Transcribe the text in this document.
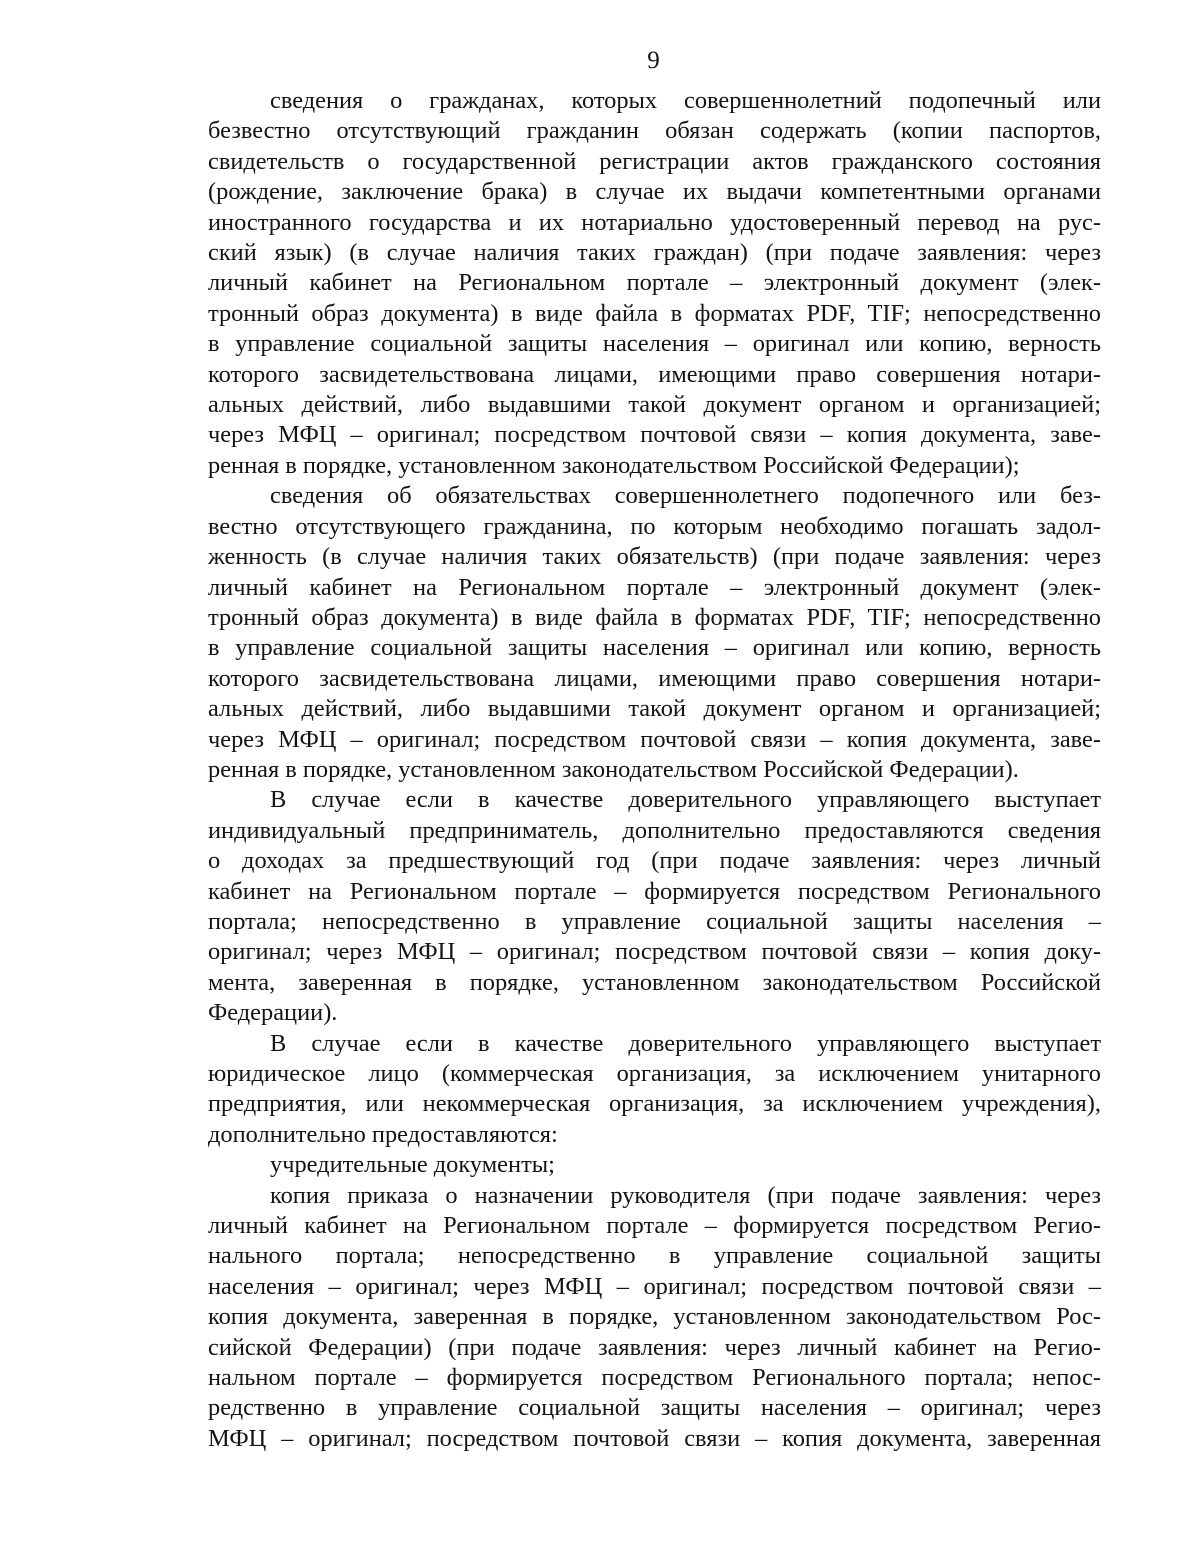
9
сведения о гражданах, которых совершеннолетний подопечный или
безвестно отсутствующий гражданин обязан содержать (копии паспортов,
свидетельств о государственной регистрации актов гражданского состояния
(рождение, заключение брака) в случае их выдачи компетентными органами
иностранного государства и их нотариально удостоверенный перевод на рус-
ский язык) (в случае наличия таких граждан) (при подаче заявления: через
личный кабинет на Региональном портале – электронный документ (элек-
тронный образ документа) в виде файла в форматах PDF, TIF; непосредственно
в управление социальной защиты населения – оригинал или копию, верность
которого засвидетельствована лицами, имеющими право совершения нотари-
альных действий, либо выдавшими такой документ органом и организацией;
через МФЦ – оригинал; посредством почтовой связи – копия документа, заве-
ренная в порядке, установленном законодательством Российской Федерации);
сведения об обязательствах совершеннолетнего подопечного или без-
вестно отсутствующего гражданина, по которым необходимо погашать задол-
женность (в случае наличия таких обязательств) (при подаче заявления: через
личный кабинет на Региональном портале – электронный документ (элек-
тронный образ документа) в виде файла в форматах PDF, TIF; непосредственно
в управление социальной защиты населения – оригинал или копию, верность
которого засвидетельствована лицами, имеющими право совершения нотари-
альных действий, либо выдавшими такой документ органом и организацией;
через МФЦ – оригинал; посредством почтовой связи – копия документа, заве-
ренная в порядке, установленном законодательством Российской Федерации).
В случае если в качестве доверительного управляющего выступает
индивидуальный предприниматель, дополнительно предоставляются сведения
о доходах за предшествующий год (при подаче заявления: через личный
кабинет на Региональном портале – формируется посредством Регионального
портала; непосредственно в управление социальной защиты населения –
оригинал; через МФЦ – оригинал; посредством почтовой связи – копия доку-
мента, заверенная в порядке, установленном законодательством Российской
Федерации).
В случае если в качестве доверительного управляющего выступает
юридическое лицо (коммерческая организация, за исключением унитарного
предприятия, или некоммерческая организация, за исключением учреждения),
дополнительно предоставляются:
учредительные документы;
копия приказа о назначении руководителя (при подаче заявления: через
личный кабинет на Региональном портале – формируется посредством Регио-
нального портала; непосредственно в управление социальной защиты
населения – оригинал; через МФЦ – оригинал; посредством почтовой связи –
копия документа, заверенная в порядке, установленном законодательством Рос-
сийской Федерации) (при подаче заявления: через личный кабинет на Регио-
нальном портале – формируется посредством Регионального портала; непос-
редственно в управление социальной защиты населения – оригинал; через
МФЦ – оригинал; посредством почтовой связи – копия документа, заверенная
